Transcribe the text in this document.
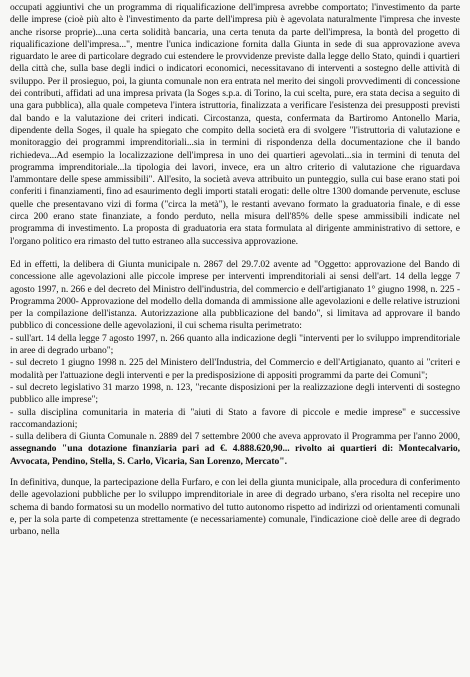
occupati aggiuntivi che un programma di riqualificazione dell'impresa avrebbe comportato; l'investimento da parte delle imprese (cioè più alto è l'investimento da parte dell'impresa più è agevolata naturalmente l'impresa che investe anche risorse proprie)...una certa solidità bancaria, una certa tenuta da parte dell'impresa, la bontà del progetto di riqualificazione dell'impresa...", mentre l'unica indicazione fornita dalla Giunta in sede di sua approvazione aveva riguardato le aree di particolare degrado cui estendere le provvidenze previste dalla legge dello Stato, quindi i quartieri della città che, sulla base degli indici o indicatori economici, necessitavano di interventi a sostegno delle attività di sviluppo. Per il prosieguo, poi, la giunta comunale non era entrata nel merito dei singoli provvedimenti di concessione dei contributi, affidati ad una impresa privata (la Soges s.p.a. di Torino, la cui scelta, pure, era stata decisa a seguito di una gara pubblica), alla quale competeva l'intera istruttoria, finalizzata a verificare l'esistenza dei presupposti previsti dal bando e la valutazione dei criteri indicati. Circostanza, questa, confermata da Bartiromo Antonello Maria, dipendente della Soges, il quale ha spiegato che compito della società era di svolgere "l'istruttoria di valutazione e monitoraggio dei programmi imprenditoriali...sia in termini di rispondenza della documentazione che il bando richiedeva...Ad esempio la localizzazione dell'impresa in uno dei quartieri agevolati...sia in termini di tenuta del programma imprenditoriale...la tipologia dei lavori, invece, era un altro criterio di valutazione che riguardava l'ammontare delle spese ammissibili". All'esito, la società aveva attribuito un punteggio, sulla cui base erano stati poi conferiti i finanziamenti, fino ad esaurimento degli importi statali erogati: delle oltre 1300 domande pervenute, escluse quelle che presentavano vizi di forma ("circa la metà"), le restanti avevano formato la graduatoria finale, e di esse circa 200 erano state finanziate, a fondo perduto, nella misura dell'85% delle spese ammissibili indicate nel programma di investimento. La proposta di graduatoria era stata formulata al dirigente amministrativo di settore, e l'organo politico era rimasto del tutto estraneo alla successiva approvazione.

Ed in effetti, la delibera di Giunta municipale n. 2867 del 29.7.02 avente ad "Oggetto: approvazione del Bando di concessione alle agevolazioni alle piccole imprese per interventi imprenditoriali ai sensi dell'art. 14 della legge 7 agosto 1997, n. 266 e del decreto del Ministro dell'industria, del commercio e dell'artigianato 1° giugno 1998, n. 225 -Programma 2000- Approvazione del modello della domanda di ammissione alle agevolazioni e delle relative istruzioni per la compilazione dell'istanza. Autorizzazione alla pubblicazione del bando", si limitava ad approvare il bando pubblico di concessione delle agevolazioni, il cui schema risulta perimetrato:

- sull'art. 14 della legge 7 agosto 1997, n. 266 quanto alla indicazione degli "interventi per lo sviluppo imprenditoriale in aree di degrado urbano";

- sul decreto 1 giugno 1998 n. 225 del Ministero dell'Industria, del Commercio e dell'Artigianato, quanto ai "criteri e modalità per l'attuazione degli interventi e per la predisposizione di appositi programmi da parte dei Comuni";

- sul decreto legislativo 31 marzo 1998, n. 123, "recante disposizioni per la realizzazione degli interventi di sostegno pubblico alle imprese";

- sulla disciplina comunitaria in materia di "aiuti di Stato a favore di piccole e medie imprese" e successive raccomandazioni;

- sulla delibera di Giunta Comunale n. 2889 del 7 settembre 2000 che aveva approvato il Programma per l'anno 2000, assegnando "una dotazione finanziaria pari ad €. 4.888.620,90... rivolto ai quartieri di: Montecalvario, Avvocata, Pendino, Stella, S. Carlo, Vicaria, San Lorenzo, Mercato".

In definitiva, dunque, la partecipazione della Furfaro, e con lei della giunta municipale, alla procedura di conferimento delle agevolazioni pubbliche per lo sviluppo imprenditoriale in aree di degrado urbano, s'era risolta nel recepire uno schema di bando formatosi su un modello normativo del tutto autonomo rispetto ad indirizzi od orientamenti comunali e, per la sola parte di competenza strettamente (e necessariamente) comunale, l'indicazione cioè delle aree di degrado urbano, nella
